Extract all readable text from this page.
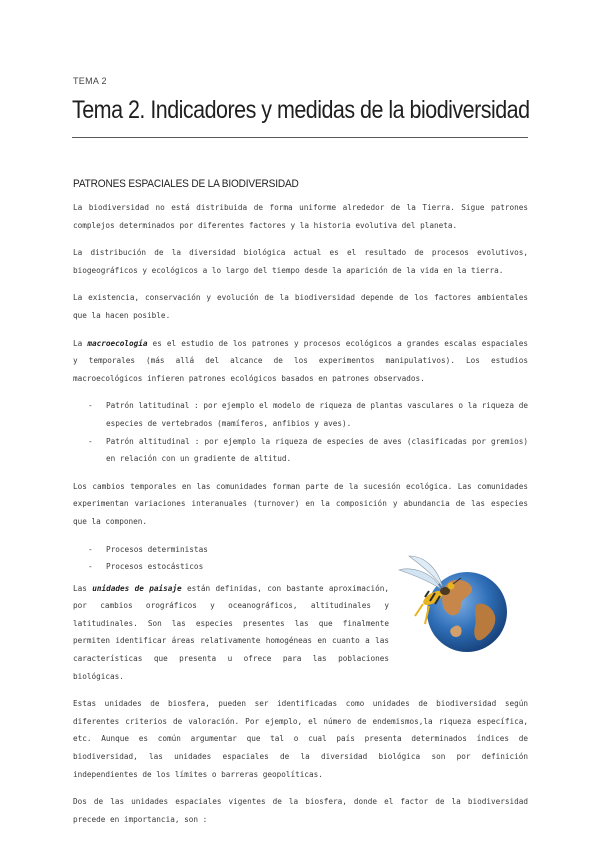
TEMA 2
Tema 2. Indicadores y medidas de la biodiversidad
PATRONES ESPACIALES DE LA BIODIVERSIDAD

La biodiversidad no está distribuida de forma uniforme alrededor de la Tierra. Sigue patrones complejos determinados por diferentes factores y la historia evolutiva del planeta.

La distribución de la diversidad biológica actual es el resultado de procesos evolutivos, biogeográficos y ecológicos a lo largo del tiempo desde la aparición de la vida en la tierra.

La existencia, conservación y evolución de la biodiversidad depende de los factores ambientales que la hacen posible.

La macroecología es el estudio de los patrones y procesos ecológicos a grandes escalas espaciales y temporales (más allá del alcance de los experimentos manipulativos). Los estudios macroecológicos infieren patrones ecológicos basados en patrones observados.

- Patrón latitudinal : por ejemplo el modelo de riqueza de plantas vasculares o la riqueza de especies de vertebrados (mamíferos, anfibios y aves).
- Patrón altitudinal : por ejemplo la riqueza de especies de aves (clasificadas por gremios) en relación con un gradiente de altitud.

Los cambios temporales en las comunidades forman parte de la sucesión ecológica. Las comunidades experimentan variaciones interanuales (turnover) en la composición y abundancia de las especies que la componen.

- Procesos deterministas
- Procesos estocásticos

Las unidades de paisaje están definidas, con bastante aproximación, por cambios orográficos y oceanográficos, altitudinales y latitudinales. Son las especies presentes las que finalmente permiten identificar áreas relativamente homogéneas en cuanto a las características que presenta u ofrece para las poblaciones biológicas.

Estas unidades de biosfera, pueden ser identificadas como unidades de biodiversidad según diferentes criterios de valoración. Por ejemplo, el número de endemismos,la riqueza específica, etc. Aunque es común argumentar que tal o cual país presenta determinados índices de biodiversidad, las unidades espaciales de la diversidad biológica son por definición independientes de los límites o barreras geopolíticas.

Dos de las unidades espaciales vigentes de la biosfera, donde el factor de la biodiversidad precede en importancia, son :
